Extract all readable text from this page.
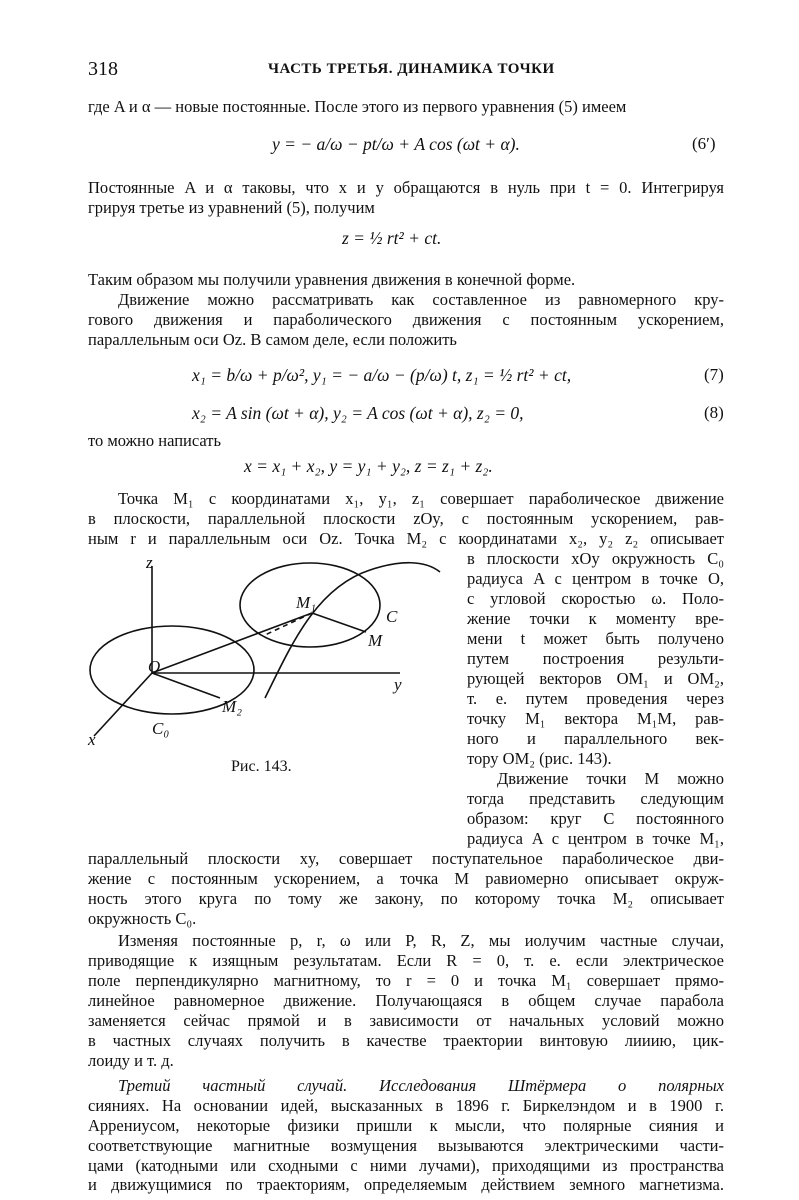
318	ЧАСТЬ ТРЕТЬЯ. ДИНАМИКА ТОЧКИ
где A и α — новые постоянные. После этого из первого уравнения (5) имеем
y = − a/ω − pt/ω + A cos (ωt + α).	(6′)
Постоянные A и α таковы, что x и y обращаются в нуль при t = 0. Интегрируя
грируя третье из уравнений (5), получим
z = ½ rt² + ct.
Таким образом мы получили уравнения движения в конечной форме.
Движение можно рассматривать как составленное из равномерного кру-
гового движения и параболического движения с постоянным ускорением,
параллельным оси Oz. В самом деле, если положить
x₁ = b/ω + p/ω², y₁ = − a/ω − (p/ω) t, z₁ = ½ rt² + ct,	(7)
x₂ = A sin (ωt + α), y₂ = A cos (ωt + α), z₂ = 0,	(8)
то можно написать
x = x₁ + x₂, y = y₁ + y₂, z = z₁ + z₂.
Точка M₁ с координатами x₁, y₁, z₁ совершает параболическое движение
в плоскости, параллельной плоскости zOy, с постоянным ускорением, рав-
ным r и параллельным оси Oz. Точка M₂ с координатами x₂, y₂ z₂ описывает
в плоскости xOy окружность C₀
радиуса A с центром в точке O,
с угловой скоростью ω. Поло-
жение точки к моменту вре-
мени t может быть получено
путем построения результи-
рующей векторов OM₁ и OM₂,
т. е. путем проведения через
точку M₁ вектора M₁M, рав-
ного и параллельного век-
тору OM₂ (рис. 143).
Движение точки M можно
тогда представить следующим
образом: круг C постоянного
радиуса A с центром в точке M₁,
z
O
y
x
M₁
M₂
M
C
C₀
Рис. 143.
параллельный плоскости xy, совершает поступательное параболическое дви-
жение с постоянным ускорением, а точка M равиомерно описывает окруж-
ность этого круга по тому же закону, по которому точка M₂ описывает
окружность C₀.
Изменяя постоянные p, r, ω или P, R, Z, мы иолучим частные случаи,
приводящие к изящным результатам. Если R = 0, т. е. если электрическое
поле перпендикулярно магнитному, то r = 0 и точка M₁ совершает прямо-
линейное равномерное движение. Получающаяся в общем случае парабола
заменяется сейчас прямой и в зависимости от начальных условий можно
в частных случаях получить в качестве траектории винтовую лииию, цик-
лоиду и т. д.
Третий частный случай. Исследования Штёрмера о полярных
сияниях. На основании идей, высказанных в 1896 г. Биркелэндом и в 1900 г.
Аррениусом, некоторые физики пришли к мысли, что полярные сияния и
соответствующие магнитные возмущения вызываются электрическими части-
цами (катодными или сходными с ними лучами), приходящими из пространства
и движущимися по траекториям, определяемым действием земного магнетизма.
